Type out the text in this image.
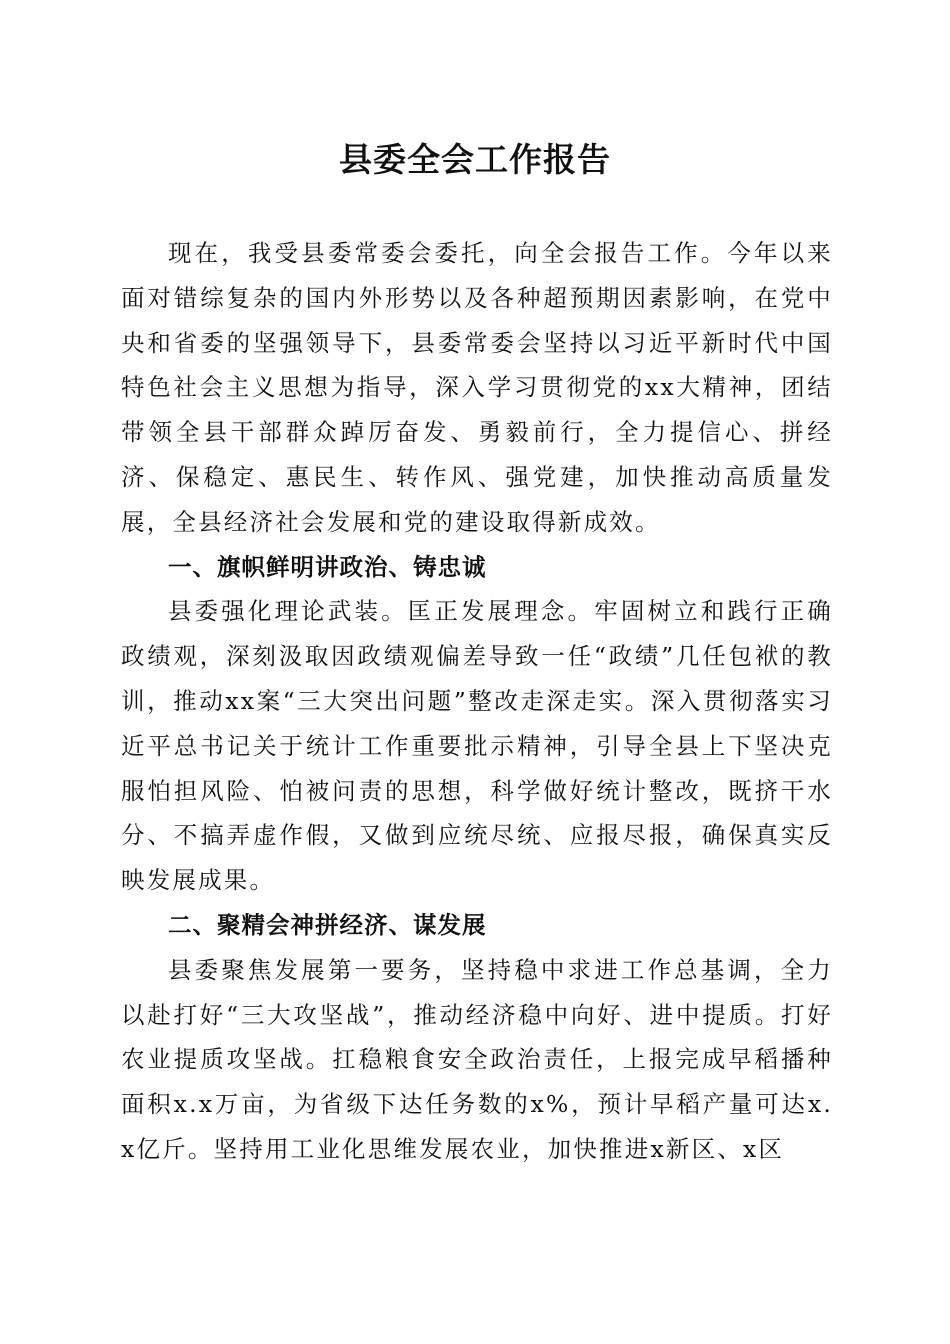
县委全会工作报告

现在，我受县委常委会委托，向全会报告工作。今年以来面对错综复杂的国内外形势以及各种超预期因素影响，在党中央和省委的坚强领导下，县委常委会坚持以习近平新时代中国特色社会主义思想为指导，深入学习贯彻党的xx大精神，团结带领全县干部群众踔厉奋发、勇毅前行，全力提信心、拼经济、保稳定、惠民生、转作风、强党建，加快推动高质量发展，全县经济社会发展和党的建设取得新成效。

一、旗帜鲜明讲政治、铸忠诚

县委强化理论武装。匡正发展理念。牢固树立和践行正确政绩观，深刻汲取因政绩观偏差导致一任“政绩”几任包袱的教训，推动xx案“三大突出问题”整改走深走实。深入贯彻落实习近平总书记关于统计工作重要批示精神，引导全县上下坚决克服怕担风险、怕被问责的思想，科学做好统计整改，既挤干水分、不搞弄虚作假，又做到应统尽统、应报尽报，确保真实反映发展成果。

二、聚精会神拼经济、谋发展

县委聚焦发展第一要务，坚持稳中求进工作总基调，全力以赴打好“三大攻坚战”，推动经济稳中向好、进中提质。打好农业提质攻坚战。扛稳粮食安全政治责任，上报完成早稻播种面积x.x万亩，为省级下达任务数的x%，预计早稻产量可达x.x亿斤。坚持用工业化思维发展农业，加快推进x新区、x区
